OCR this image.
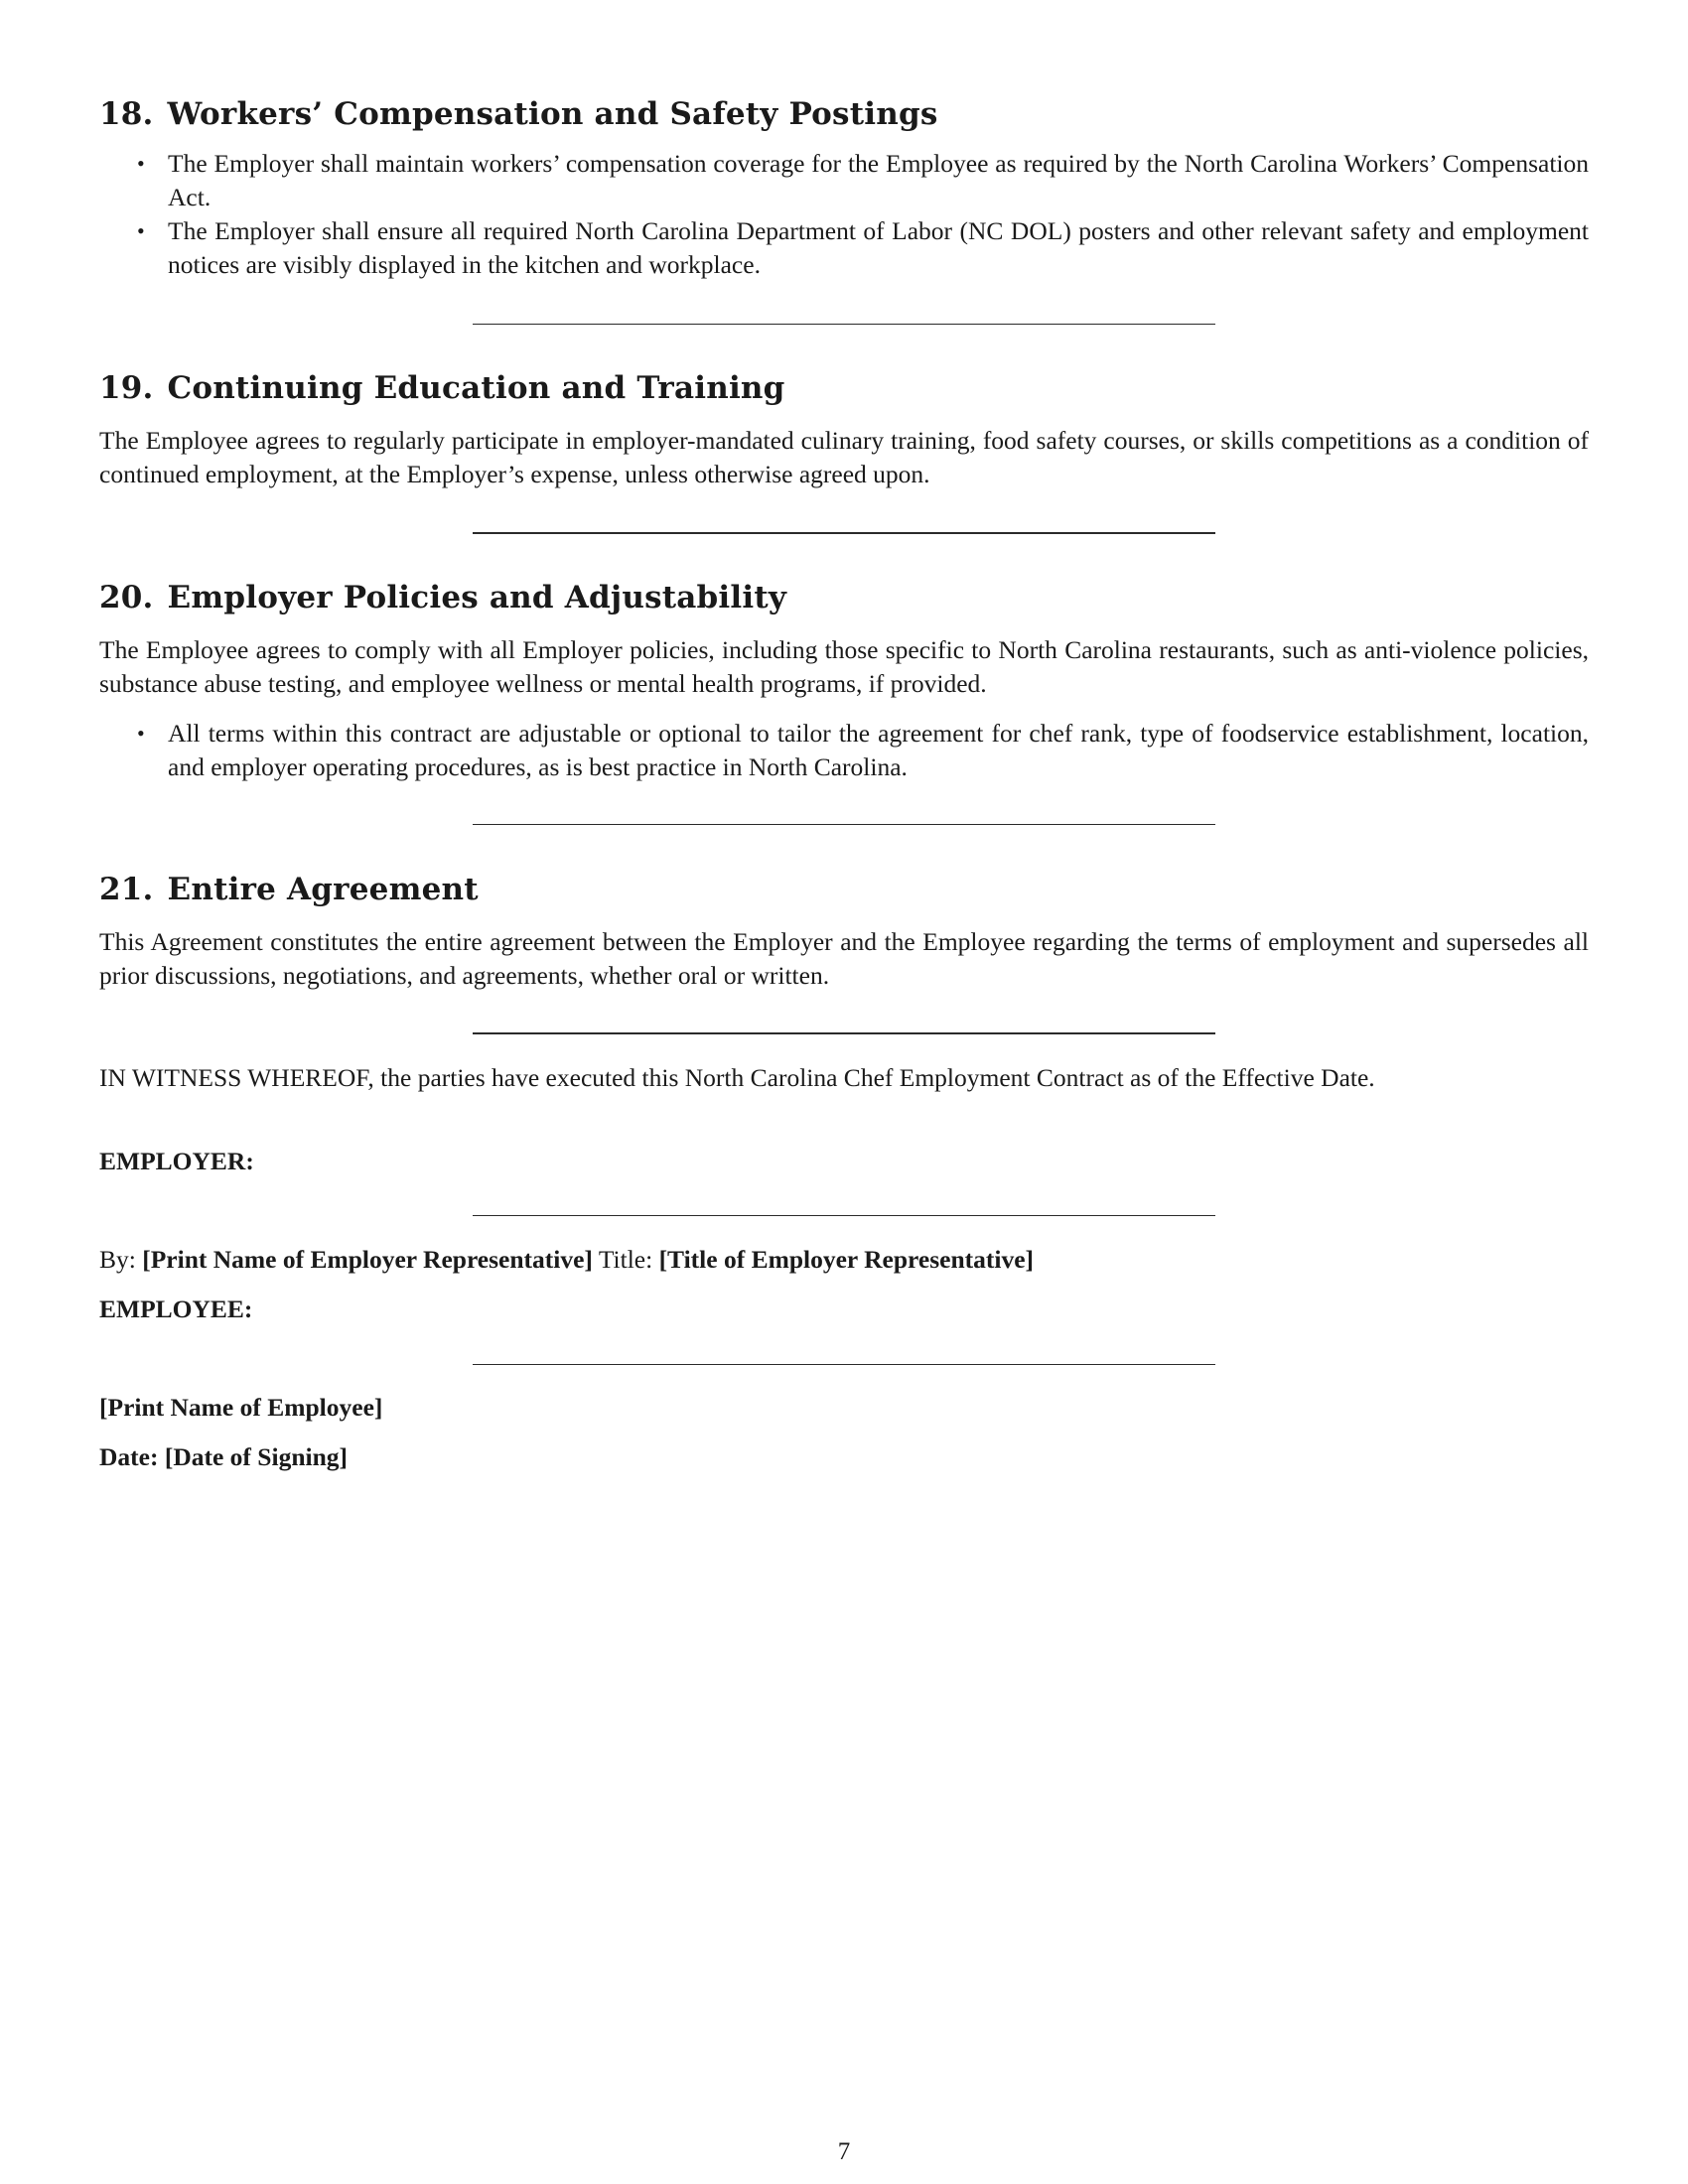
18. Workers’ Compensation and Safety Postings
• The Employer shall maintain workers’ compensation coverage for the Employee as required by the North Carolina Workers’ Compensation Act.
• The Employer shall ensure all required North Carolina Department of Labor (NC DOL) posters and other relevant safety and employment notices are visibly displayed in the kitchen and workplace.
19. Continuing Education and Training

The Employee agrees to regularly participate in employer-mandated culinary training, food safety courses, or skills competitions as a condition of continued employment, at the Employer’s expense, unless otherwise agreed upon.

20. Employer Policies and Adjustability

The Employee agrees to comply with all Employer policies, including those specific to North Carolina restaurants, such as anti-violence policies, substance abuse testing, and employee wellness or mental health programs, if provided.

• All terms within this contract are adjustable or optional to tailor the agreement for chef rank, type of foodservice establishment, location, and employer operating procedures, as is best practice in North Carolina.
21. Entire Agreement

This Agreement constitutes the entire agreement between the Employer and the Employee regarding the terms of employment and supersedes all prior discussions, negotiations, and agreements, whether oral or written.

IN WITNESS WHEREOF, the parties have executed this North Carolina Chef Employment Contract as of the Effective Date.

EMPLOYER:

By: [Print Name of Employer Representative] Title: [Title of Employer Representative]

EMPLOYEE:

[Print Name of Employee]

Date: [Date of Signing]

7
